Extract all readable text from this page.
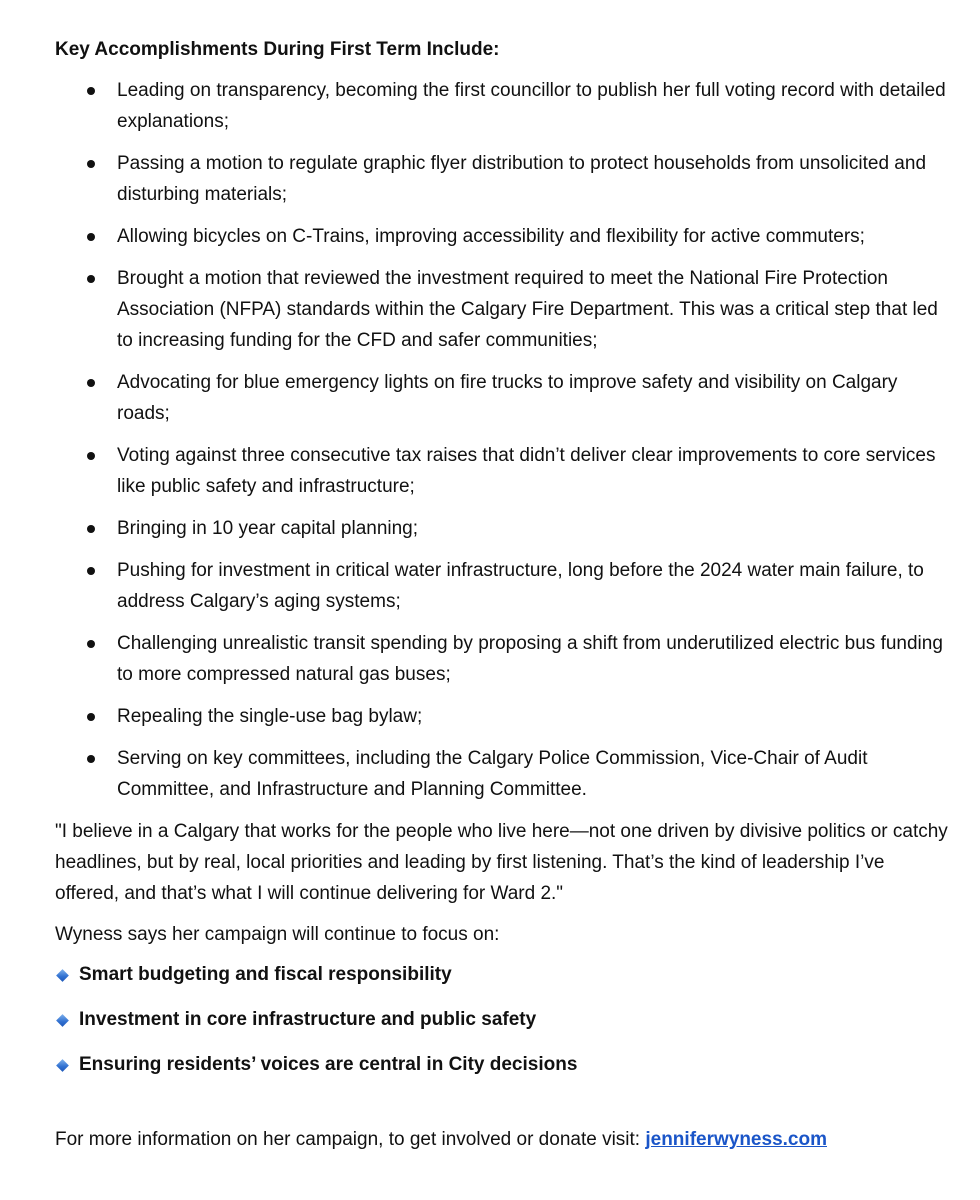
Key Accomplishments During First Term Include:
Leading on transparency, becoming the first councillor to publish her full voting record with detailed explanations;
Passing a motion to regulate graphic flyer distribution to protect households from unsolicited and disturbing materials;
Allowing bicycles on C-Trains, improving accessibility and flexibility for active commuters;
Brought a motion that reviewed the investment required to meet the National Fire Protection Association (NFPA) standards within the Calgary Fire Department. This was a critical step that led to increasing funding for the CFD and safer communities;
Advocating for blue emergency lights on fire trucks to improve safety and visibility on Calgary roads;
Voting against three consecutive tax raises that didn’t deliver clear improvements to core services like public safety and infrastructure;
Bringing in 10 year capital planning;
Pushing for investment in critical water infrastructure, long before the 2024 water main failure, to address Calgary’s aging systems;
Challenging unrealistic transit spending by proposing a shift from underutilized electric bus funding to more compressed natural gas buses;
Repealing the single-use bag bylaw;
Serving on key committees, including the Calgary Police Commission, Vice-Chair of Audit Committee, and Infrastructure and Planning Committee.
"I believe in a Calgary that works for the people who live here—not one driven by divisive politics or catchy headlines, but by real, local priorities and leading by first listening. That’s the kind of leadership I’ve offered, and that’s what I will continue delivering for Ward 2."
Wyness says her campaign will continue to focus on:
Smart budgeting and fiscal responsibility
Investment in core infrastructure and public safety
Ensuring residents’ voices are central in City decisions
For more information on her campaign, to get involved or donate visit: jenniferwyness.com
